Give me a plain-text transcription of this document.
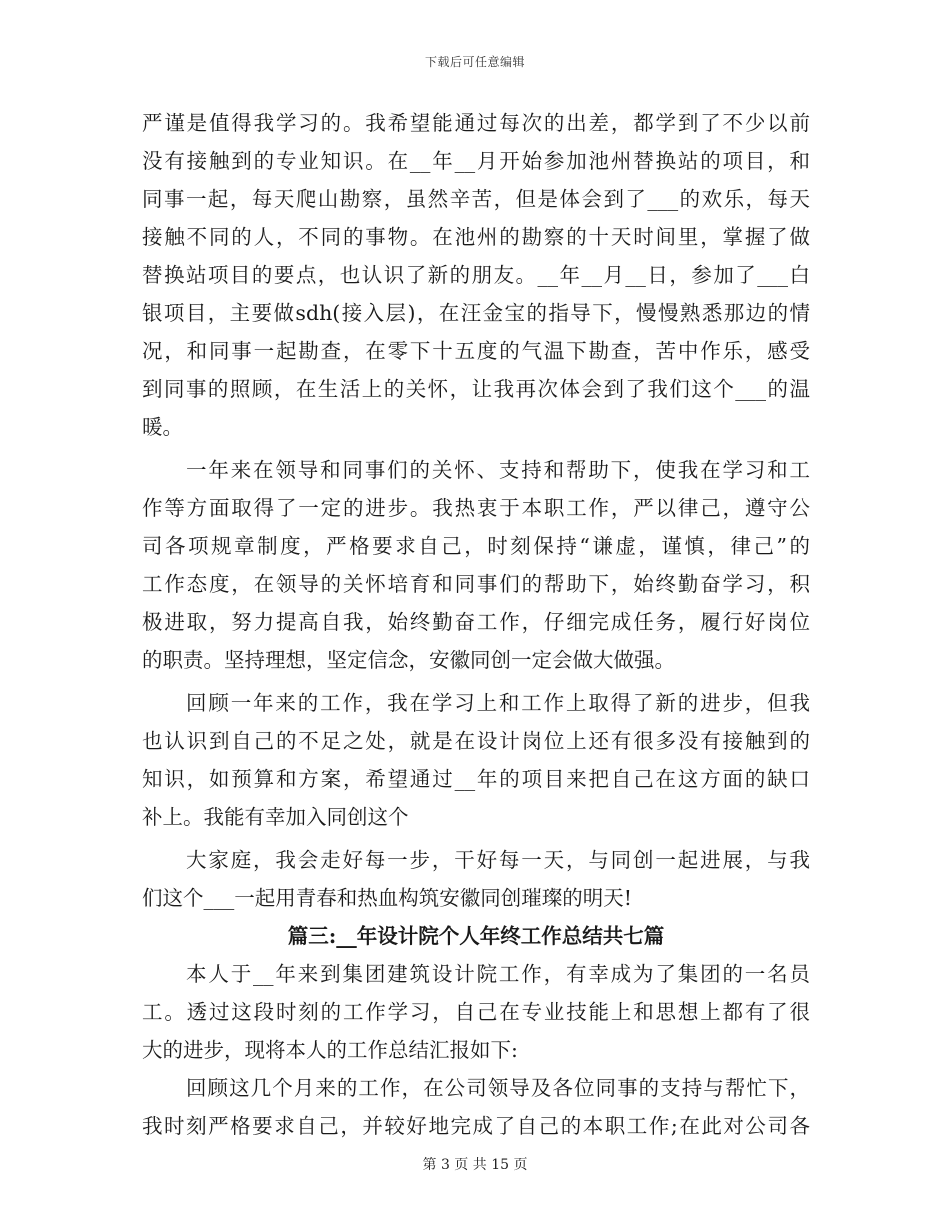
下载后可任意编辑
严谨是值得我学习的。我希望能通过每次的出差，都学到了不少以前
没有接触到的专业知识。在__年__月开始参加池州替换站的项目，和
同事一起，每天爬山勘察，虽然辛苦，但是体会到了___的欢乐，每天
接触不同的人，不同的事物。在池州的勘察的十天时间里，掌握了做
替换站项目的要点，也认识了新的朋友。__年__月__日，参加了___白
银项目，主要做sdh(接入层)，在汪金宝的指导下，慢慢熟悉那边的情
况，和同事一起勘查，在零下十五度的气温下勘查，苦中作乐，感受
到同事的照顾，在生活上的关怀，让我再次体会到了我们这个___的温
暖。
一年来在领导和同事们的关怀、支持和帮助下，使我在学习和工
作等方面取得了一定的进步。我热衷于本职工作，严以律己，遵守公
司各项规章制度，严格要求自己，时刻保持“谦虚，谨慎，律己”的
工作态度，在领导的关怀培育和同事们的帮助下，始终勤奋学习，积
极进取，努力提高自我，始终勤奋工作，仔细完成任务，履行好岗位
的职责。坚持理想，坚定信念，安徽同创一定会做大做强。
回顾一年来的工作，我在学习上和工作上取得了新的进步，但我
也认识到自己的不足之处，就是在设计岗位上还有很多没有接触到的
知识，如预算和方案，希望通过__年的项目来把自己在这方面的缺口
补上。我能有幸加入同创这个
大家庭，我会走好每一步，干好每一天，与同创一起进展，与我
们这个___一起用青春和热血构筑安徽同创璀璨的明天!
篇三:__年设计院个人年终工作总结共七篇
本人于__年来到集团建筑设计院工作，有幸成为了集团的一名员
工。透过这段时刻的工作学习，自己在专业技能上和思想上都有了很
大的进步，现将本人的工作总结汇报如下:
回顾这几个月来的工作，在公司领导及各位同事的支持与帮忙下，
我时刻严格要求自己，并较好地完成了自己的本职工作;在此对公司各
第 3 页 共 15 页
